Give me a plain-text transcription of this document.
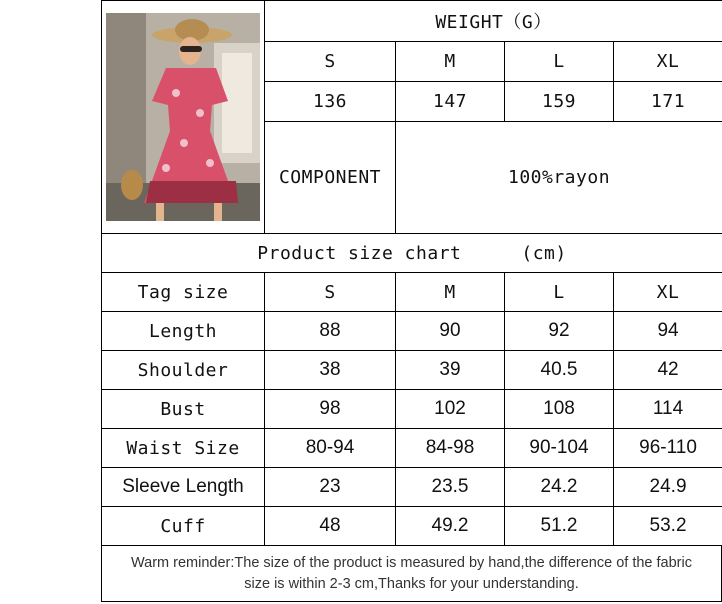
	WEIGHT（G）			
	S	M	L	XL
	136	147	159	171
	COMPONENT	100%rayon		
Product size chart (cm)				
Tag size	S	M	L	XL
Length	88	90	92	94
Shoulder	38	39	40.5	42
Bust	98	102	108	114
Waist Size	80-94	84-98	90-104	96-110
Sleeve Length	23	23.5	24.2	24.9
Cuff	48	49.2	51.2	53.2
Warm reminder:The size of the product is measured by hand,the difference of the fabric
size is within 2-3 cm,Thanks for your understanding.
